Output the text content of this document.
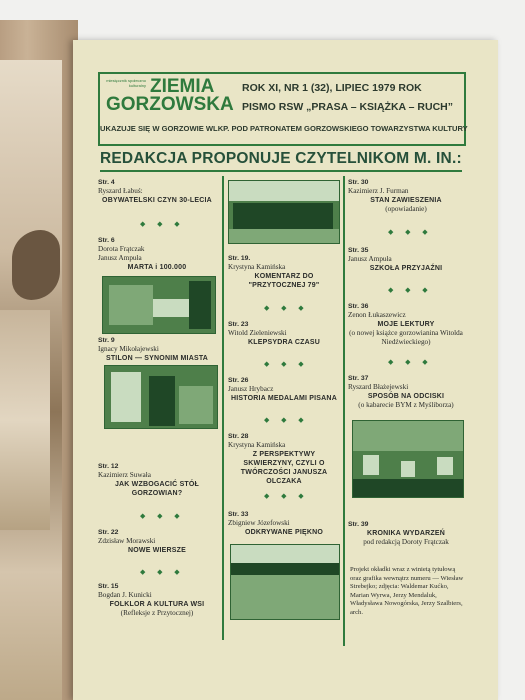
miesięcznik społeczno kulturalny ZIEMIA
GORZOWSKA
ROK XI, NR 1 (32), LIPIEC 1979 ROK
PISMO RSW „PRASA – KSIĄŻKA – RUCH”
UKAZUJE SIĘ W GORZOWIE WLKP. POD PATRONATEM GORZOWSKIEGO TOWARZYSTWA KULTURY
REDAKCJA PROPONUJE CZYTELNIKOM M. IN.:
Str. 4
Ryszard Łabuś:
OBYWATELSKI CZYN 30-LECIA
◆ ◆ ◆
Str. 6
Dorota Frątczak
Janusz Ampuła
MARTA i 100.000
Str. 9
Ignacy Mikołajewski
STILON — SYNONIM MIASTA
Str. 12
Kazimierz Suwała
JAK WZBOGACIĆ STÓŁ GORZOWIAN?
◆ ◆ ◆
Str. 22
Zdzisław Morawski
NOWE WIERSZE
◆ ◆ ◆
Str. 15
Bogdan J. Kunicki
FOLKLOR A KULTURA WSI
(Refleksje z Przytocznej)
Str. 19.
Krystyna Kamińska
KOMENTARZ DO "PRZYTOCZNEJ 79"
◆ ◆ ◆
Str. 23
Witold Zieleniewski
KLEPSYDRA CZASU
◆ ◆ ◆
Str. 26
Janusz Hrybacz
HISTORIA MEDALAMI PISANA
◆ ◆ ◆
Str. 28
Krystyna Kamińska
Z PERSPEKTYWY SKWIERZYNY, CZYLI O TWÓRCZOŚCI JANUSZA OLCZAKA
◆ ◆ ◆
Str. 33
Zbigniew Józefowski
ODKRYWANE PIĘKNO
Str. 30
Kazimierz J. Furman
STAN ZAWIESZENIA
(opowiadanie)
◆ ◆ ◆
Str. 35
Janusz Ampuła
SZKOŁA PRZYJAŹNI
◆ ◆ ◆
Str. 36
Zenon Łukaszewicz
MOJE LEKTURY
(o nowej książce gorzowianina Witolda Niedźwieckiego)
◆ ◆ ◆
Str. 37
Ryszard Błażejewski
SPOSÓB NA ODCISKI
(o kabarecie BYM z Myśliborza)
Str. 39
KRONIKA WYDARZEŃ
pod redakcją Doroty Frątczak
Projekt okładki wraz z winietą tytułową oraz grafika wewnątrz numeru — Wiesław Strebejko; zdjęcia: Waldemar Kućko, Marian Wyrwa, Jerzy Mendaluk, Władysława Nowogórska, Jerzy Szalbiers, arch.
